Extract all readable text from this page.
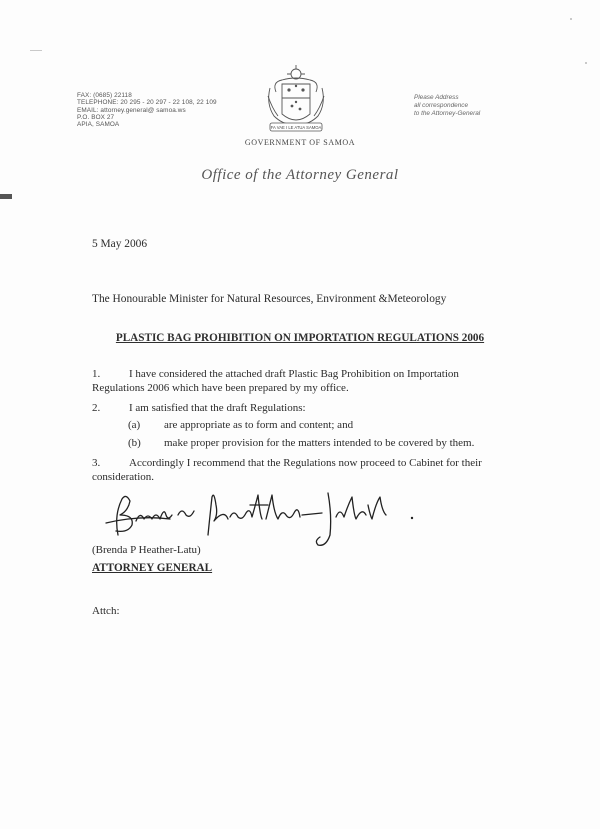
FAX: (0685) 22118
TELEPHONE: 20 295 - 20 297 - 22 108, 22 109
EMAIL: attorney.general@ samoa.ws
P.O. BOX 27
APIA, SAMOA	FA VAE I LE ATUA SAMOA
GOVERNMENT OF SAMOA
Office of the Attorney General
Please Address
all correspondence
to the Attorney-General
5 May 2006
The Honourable Minister for Natural Resources, Environment &Meteorology
PLASTIC BAG PROHIBITION ON IMPORTATION REGULATIONS 2006
1.	I have considered the attached draft Plastic Bag Prohibition on Importation
Regulations 2006 which have been prepared by my office.
2.	I am satisfied that the draft Regulations:
(a) are appropriate as to form and content; and
(b) make proper provision for the matters intended to be covered by them.
3.	Accordingly I recommend that the Regulations now proceed to Cabinet for their
consideration.
(Brenda P Heather-Latu)
ATTORNEY GENERAL
Attch:
